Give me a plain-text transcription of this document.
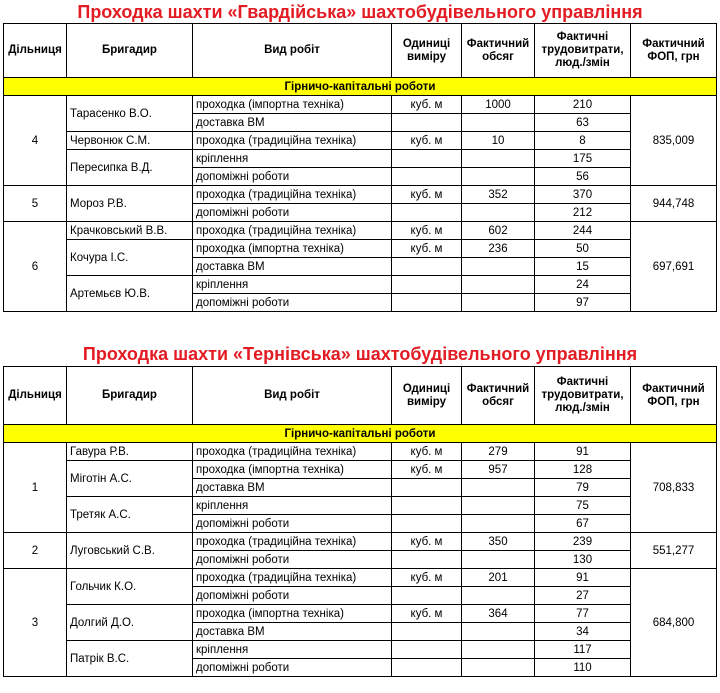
Проходка шахти «Гвардійська» шахтобудівельного управління
Дільниця	Бригадир	Вид робіт	Одиниці виміру	Фактичний обсяг	Фактичні трудовитрати, люд./змін	Фактичний ФОП, грн
Гірничо-капітальні роботи						
4	Тарасенко В.О.	проходка (імпортна техніка)	куб. м	1000	210	835,009
		доставка ВМ			63	
	Червонюк С.М.	проходка (традиційна техніка)	куб. м	10	8	
	Пересипка В.Д.	кріплення			175	
		допоміжні роботи			56	
5	Мороз Р.В.	проходка (традиційна техніка)	куб. м	352	370	944,748
		допоміжні роботи			212	
6	Крачковський В.В.	проходка (традиційна техніка)	куб. м	602	244	697,691
	Кочура І.С.	проходка (імпортна техніка)	куб. м	236	50	
		доставка ВМ			15	
	Артемьєв Ю.В.	кріплення			24	
		допоміжні роботи			97	
Проходка шахти «Тернівська» шахтобудівельного управління
Дільниця	Бригадир	Вид робіт	Одиниці виміру	Фактичний обсяг	Фактичні трудовитрати, люд./змін	Фактичний ФОП, грн
Гірничо-капітальні роботи						
1	Гавура Р.В.	проходка (традиційна техніка)	куб. м	279	91	708,833
	Міготін А.С.	проходка (імпортна техніка)	куб. м	957	128	
		доставка ВМ			79	
	Третяк А.С.	кріплення			75	
		допоміжні роботи			67	
2	Луговський С.В.	проходка (традиційна техніка)	куб. м	350	239	551,277
		допоміжні роботи			130	
3	Гольчик К.О.	проходка (традиційна техніка)	куб. м	201	91	684,800
		допоміжні роботи			27	
	Долгий Д.О.	проходка (імпортна техніка)	куб. м	364	77	
		доставка ВМ			34	
	Патрік В.С.	кріплення			117	
		допоміжні роботи			110	
